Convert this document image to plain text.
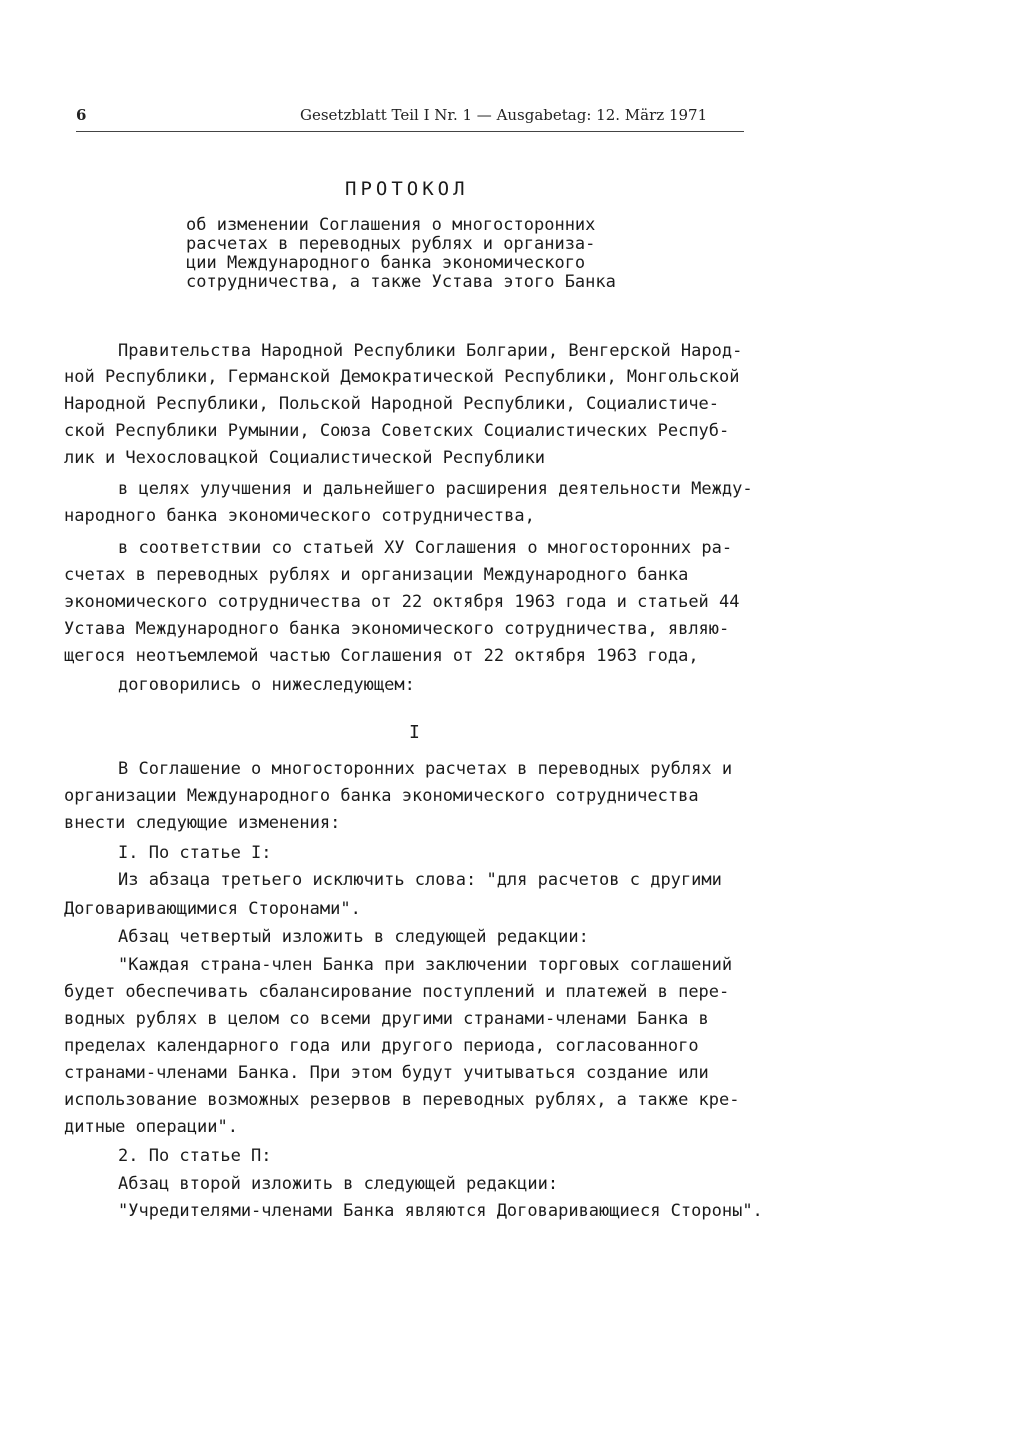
6	Gesetzblatt Teil I Nr. 1 — Ausgabetag: 12. März 1971
ПРОТОКОЛ
об изменении Соглашения о многосторонних
расчетах в переводных рублях и организа-
ции Международного банка экономического
сотрудничества, а также Устава этого Банка
Правительства Народной Республики Болгарии, Венгерской Народ-
ной Республики, Германской Демократической Республики, Монгольской
Народной Республики, Польской Народной Республики, Социалистиче-
ской Республики Румынии, Союза Советских Социалистических Респуб-
лик и Чехословацкой Социалистической Республики
в целях улучшения и дальнейшего расширения деятельности Между-
народного банка экономического сотрудничества,
в соответствии со статьей ХУ Соглашения о многосторонних ра-
счетах в переводных рублях и организации Международного банка
экономического сотрудничества от 22 октября 1963 года и статьей 44
Устава Международного банка экономического сотрудничества, являю-
щегося неотъемлемой частью Соглашения от 22 октября 1963 года,
договорились о нижеследующем:
I
В Соглашение о многосторонних расчетах в переводных рублях и
организации Международного банка экономического сотрудничества
внести следующие изменения:
I. По статье I:
Из абзаца третьего исключить слова: "для расчетов с другими
Договаривающимися Сторонами".
Абзац четвертый изложить в следующей редакции:
"Каждая страна-член Банка при заключении торговых соглашений
будет обеспечивать сбалансирование поступлений и платежей в пере-
водных рублях в целом со всеми другими странами-членами Банка в
пределах календарного года или другого периода, согласованного
странами-членами Банка. При этом будут учитываться создание или
использование возможных резервов в переводных рублях, а также кре-
дитные операции".
2. По статье П:
Абзац второй изложить в следующей редакции:
"Учредителями-членами Банка являются Договаривающиеся Стороны".
